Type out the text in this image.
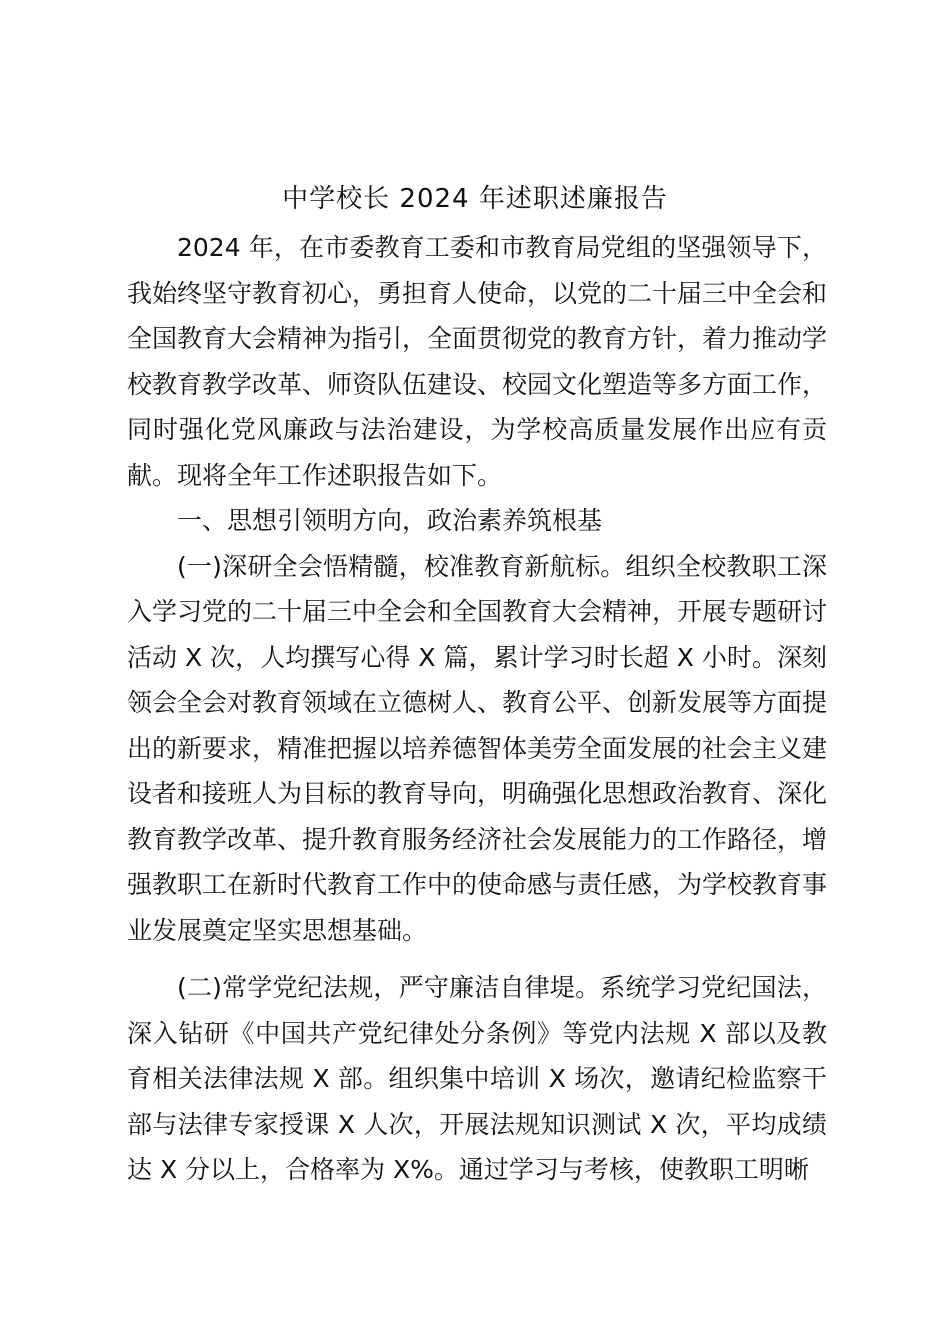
中学校长 2024 年述职述廉报告

2024 年，在市委教育工委和市教育局党组的坚强领导下，我始终坚守教育初心，勇担育人使命，以党的二十届三中全会和全国教育大会精神为指引，全面贯彻党的教育方针，着力推动学校教育教学改革、师资队伍建设、校园文化塑造等多方面工作，同时强化党风廉政与法治建设，为学校高质量发展作出应有贡献。现将全年工作述职报告如下。

一、思想引领明方向，政治素养筑根基

(一)深研全会悟精髓，校准教育新航标。组织全校教职工深入学习党的二十届三中全会和全国教育大会精神，开展专题研讨活动 X 次，人均撰写心得 X 篇，累计学习时长超 X 小时。深刻领会全会对教育领域在立德树人、教育公平、创新发展等方面提出的新要求，精准把握以培养德智体美劳全面发展的社会主义建设者和接班人为目标的教育导向，明确强化思想政治教育、深化教育教学改革、提升教育服务经济社会发展能力的工作路径，增强教职工在新时代教育工作中的使命感与责任感，为学校教育事业发展奠定坚实思想基础。

(二)常学党纪法规，严守廉洁自律堤。系统学习党纪国法，深入钻研《中国共产党纪律处分条例》等党内法规 X 部以及教育相关法律法规 X 部。组织集中培训 X 场次，邀请纪检监察干部与法律专家授课 X 人次，开展法规知识测试 X 次，平均成绩达 X 分以上，合格率为 X%。通过学习与考核，使教职工明晰
